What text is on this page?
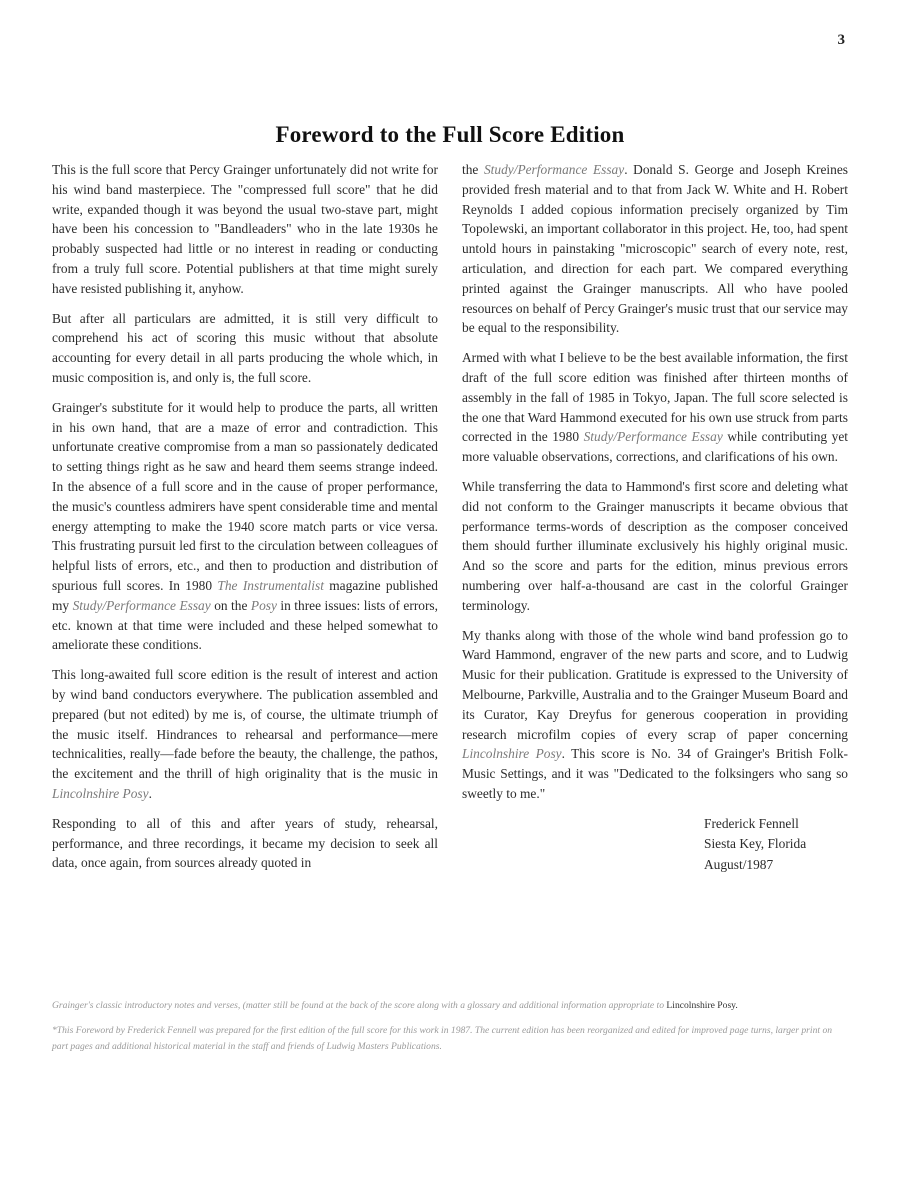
3
Foreword to the Full Score Edition

This is the full score that Percy Grainger unfortunately did not write for his wind band masterpiece. The "compressed full score" that he did write, expanded though it was beyond the usual two-stave part, might have been his concession to "Bandleaders" who in the late 1930s he probably suspected had little or no interest in reading or conducting from a truly full score. Potential publishers at that time might surely have resisted publishing it, anyhow.

But after all particulars are admitted, it is still very difficult to comprehend his act of scoring this music without that absolute accounting for every detail in all parts producing the whole which, in music composition is, and only is, the full score.

Grainger's substitute for it would help to produce the parts, all written in his own hand, that are a maze of error and contradiction. This unfortunate creative compromise from a man so passionately dedicated to setting things right as he saw and heard them seems strange indeed. In the absence of a full score and in the cause of proper performance, the music's countless admirers have spent considerable time and mental energy attempting to make the 1940 score match parts or vice versa. This frustrating pursuit led first to the circulation between colleagues of helpful lists of errors, etc., and then to production and distribution of spurious full scores. In 1980 The Instrumentalist magazine published my Study/Performance Essay on the Posy in three issues: lists of errors, etc. known at that time were included and these helped somewhat to ameliorate these conditions.

This long-awaited full score edition is the result of interest and action by wind band conductors everywhere. The publication assembled and prepared (but not edited) by me is, of course, the ultimate triumph of the music itself. Hindrances to rehearsal and performance—mere technicalities, really—fade before the beauty, the challenge, the pathos, the excitement and the thrill of high originality that is the music in Lincolnshire Posy.

Responding to all of this and after years of study, rehearsal, performance, and three recordings, it became my decision to seek all data, once again, from sources already quoted in

the Study/Performance Essay. Donald S. George and Joseph Kreines provided fresh material and to that from Jack W. White and H. Robert Reynolds I added copious information precisely organized by Tim Topolewski, an important collaborator in this project. He, too, had spent untold hours in painstaking "microscopic" search of every note, rest, articulation, and direction for each part. We compared everything printed against the Grainger manuscripts. All who have pooled resources on behalf of Percy Grainger's music trust that our service may be equal to the responsibility.

Armed with what I believe to be the best available information, the first draft of the full score edition was finished after thirteen months of assembly in the fall of 1985 in Tokyo, Japan. The full score selected is the one that Ward Hammond executed for his own use struck from parts corrected in the 1980 Study/Performance Essay while contributing yet more valuable observations, corrections, and clarifications of his own.

While transferring the data to Hammond's first score and deleting what did not conform to the Grainger manuscripts it became obvious that performance terms-words of description as the composer conceived them should further illuminate exclusively his highly original music. And so the score and parts for the edition, minus previous errors numbering over half-a-thousand are cast in the colorful Grainger terminology.

My thanks along with those of the whole wind band profession go to Ward Hammond, engraver of the new parts and score, and to Ludwig Music for their publication. Gratitude is expressed to the University of Melbourne, Parkville, Australia and to the Grainger Museum Board and its Curator, Kay Dreyfus for generous cooperation in providing research microfilm copies of every scrap of paper concerning Lincolnshire Posy. This score is No. 34 of Grainger's British Folk-Music Settings, and it was "Dedicated to the folksingers who sang so sweetly to me."

Frederick Fennell
Siesta Key, Florida
August/1987

Grainger's classic introductory notes and verses, (matter still be found at the back of the score along with a glossary and additional information appropriate to Lincolnshire Posy.

*This Foreword by Frederick Fennell was prepared for the first edition of the full score for this work in 1987. The current edition has been reorganized and edited for improved page turns, larger print on part pages and additional historical material in the staff and friends of Ludwig Masters Publications.
